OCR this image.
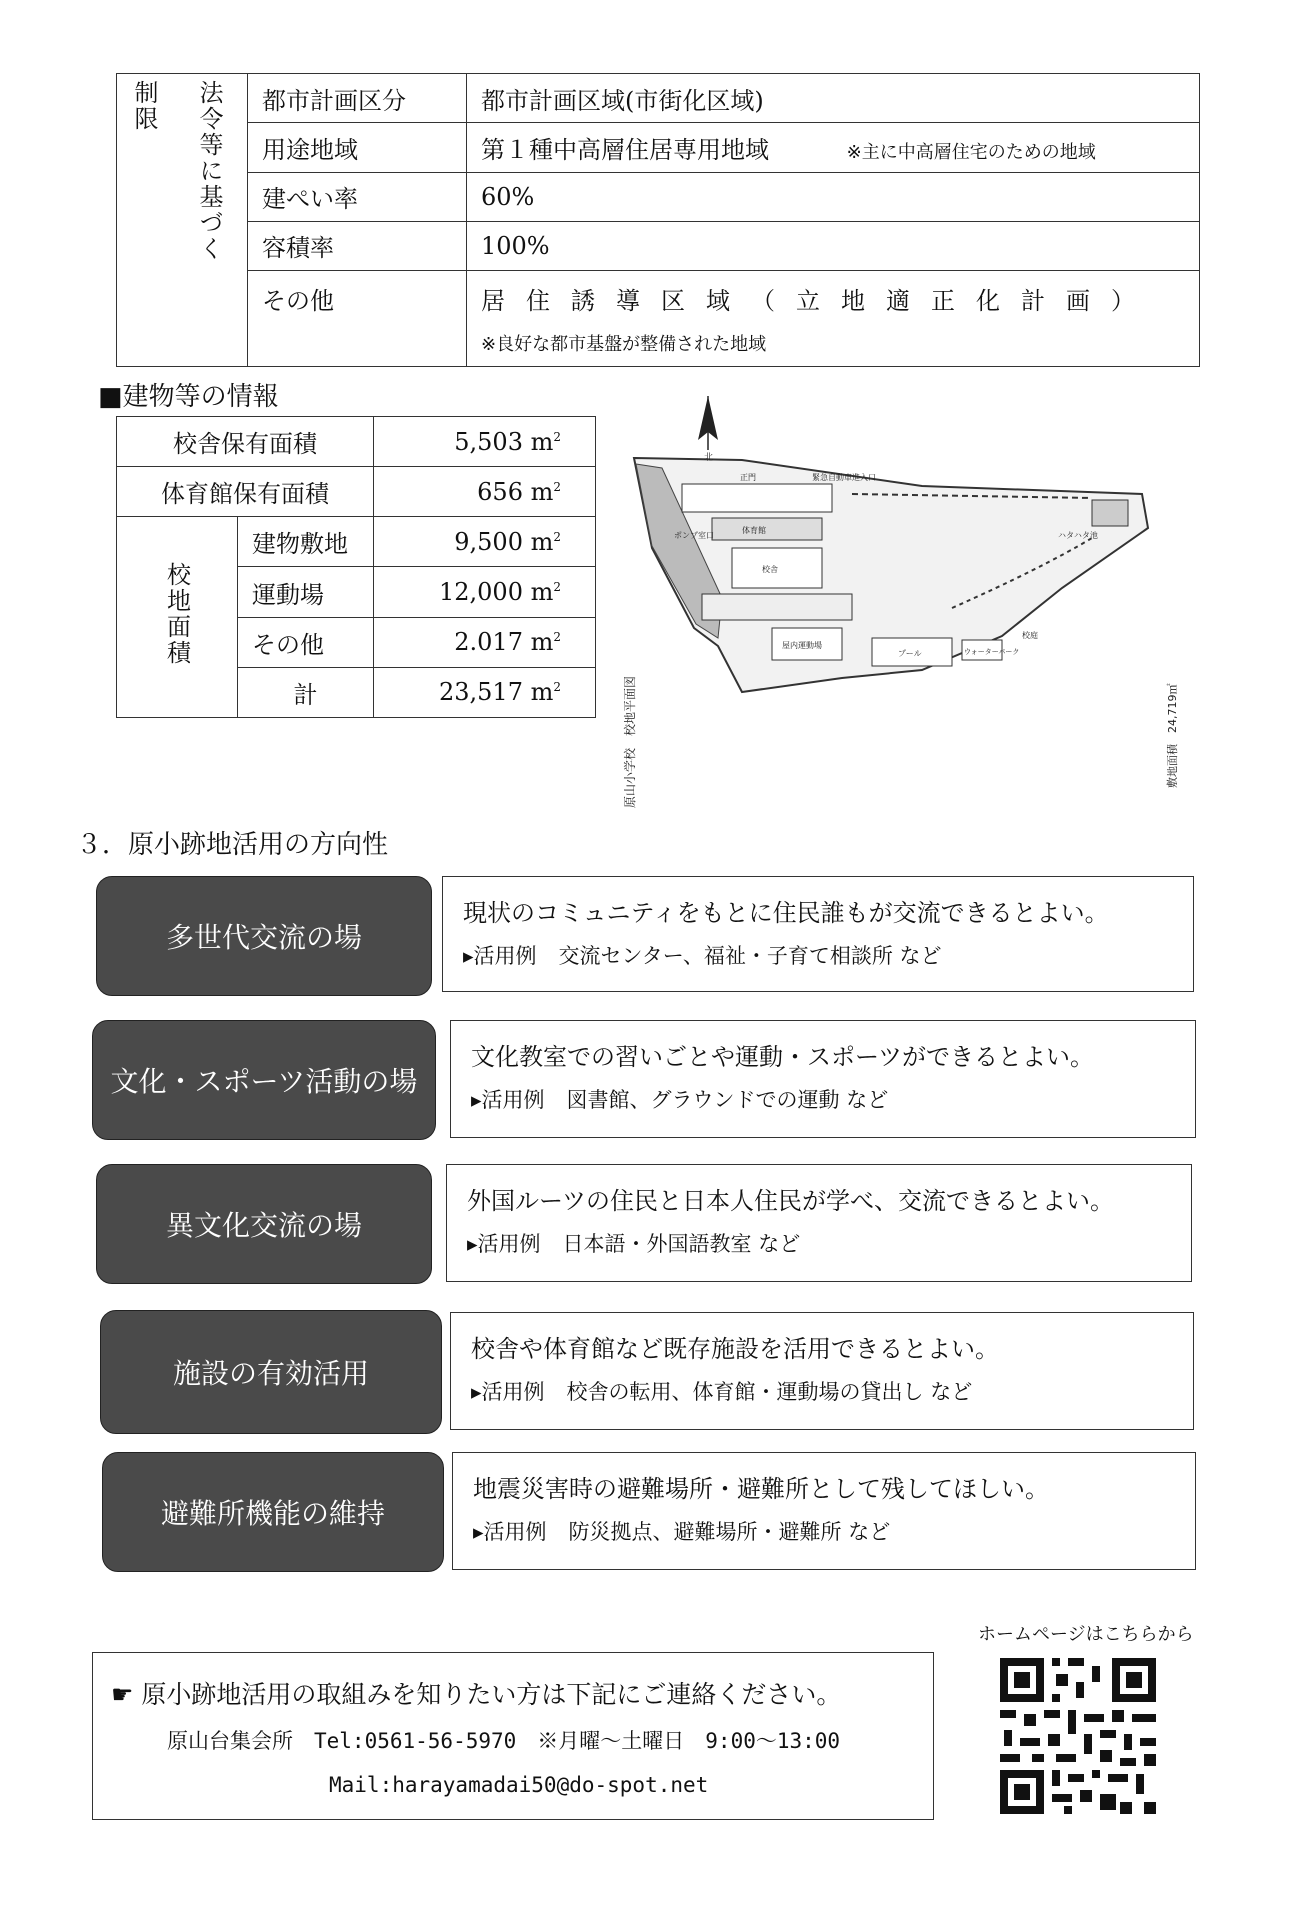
制限	法令等に基づく	都市計画区分	都市計画区域(市街化区域)
		用途地域	第１種中高層住居専用地域 ※主に中高層住宅のための地域
		建ぺい率	60%
		容積率	100%
		その他	居住誘導区域（立地適正化計画）
※良好な都市基盤が整備された地域
■建物等の情報
校舎保有面積		5,503 $m^2$
体育館保有面積		656 $m^2$
校地面積	建物敷地	9,500 $m^2$
	運動場	12,000 $m^2$
	その他	2.017 $m^2$
	計	23,517 $m^2$
正門	緊急自動車進入口
ポンプ室口
体育館
校舎
屋内運動場
プール	ウォーターパーク
ハタハタ池
校庭
北
原山小学校　校地平面図	敷地面積　24,719㎡
３．原小跡地活用の方向性
多世代交流の場
現状のコミュニティをもとに住民誰もが交流できるとよい。
▸活用例 交流センター、福祉・子育て相談所 など
文化・スポーツ活動の場
文化教室での習いごとや運動・スポーツができるとよい。
▸活用例 図書館、グラウンドでの運動 など
異文化交流の場
外国ルーツの住民と日本人住民が学べ、交流できるとよい。
▸活用例 日本語・外国語教室 など
施設の有効活用
校舎や体育館など既存施設を活用できるとよい。
▸活用例 校舎の転用、体育館・運動場の貸出し など
避難所機能の維持
地震災害時の避難場所・避難所として残してほしい。
▸活用例 防災拠点、避難場所・避難所 など
☛ 原小跡地活用の取組みを知りたい方は下記にご連絡ください。
原山台集会所　Tel:0561-56-5970　※月曜～土曜日　9:00～13:00
Mail:harayamadai50@do-spot.net
ホームページはこちらから
